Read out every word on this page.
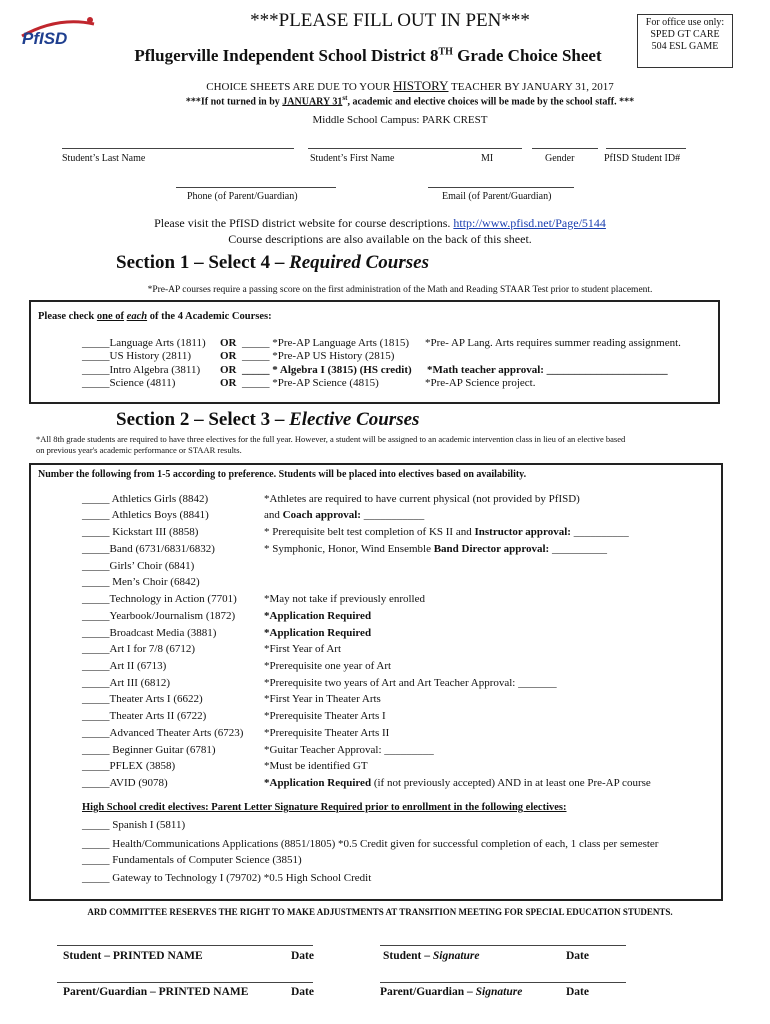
PfISD
***PLEASE FILL OUT IN PEN***
Pflugerville Independent School District 8TH Grade Choice Sheet
For office use only:
SPED GT CARE
504 ESL GAME
CHOICE SHEETS ARE DUE TO YOUR HISTORY TEACHER BY JANUARY 31, 2017
***If not turned in by JANUARY 31st, academic and elective choices will be made by the school staff. ***
Middle School Campus: PARK CREST
Student’s Last Name	Student’s First Name	MI	Gender	PfISD Student ID#
Phone (of Parent/Guardian)	Email (of Parent/Guardian)
Please visit the PfISD district website for course descriptions. http://www.pfisd.net/Page/5144
Course descriptions are also available on the back of this sheet.
Section 1 – Select 4 – Required Courses
*Pre-AP courses require a passing score on the first administration of the Math and Reading STAAR Test prior to student placement.
Please check one of each of the 4 Academic Courses:
_____Language Arts (1811) OR _____ *Pre-AP Language Arts (1815) *Pre- AP Lang. Arts requires summer reading assignment.
_____US History (2811)	OR _____ *Pre-AP US History (2815)
_____Intro Algebra (3811) OR _____ * Algebra I (3815) (HS credit) *Math teacher approval: ______________________
_____Science (4811)	OR _____ *Pre-AP Science (4815)	*Pre-AP Science project.
Section 2 – Select 3 – Elective Courses
*All 8th grade students are required to have three electives for the full year. However, a student will be assigned to an academic intervention class in lieu of an elective based
on previous year's academic performance or STAAR results.
Number the following from 1-5 according to preference. Students will be placed into electives based on availability.
_____ Athletics Girls (8842)	*Athletes are required to have current physical (not provided by PfISD)
_____ Athletics Boys (8841)	and Coach approval: ___________
_____ Kickstart III (8858)	* Prerequisite belt test completion of KS II and Instructor approval: __________
_____Band (6731/6831/6832)	* Symphonic, Honor, Wind Ensemble Band Director approval: __________
_____Girls’ Choir (6841)
_____ Men’s Choir (6842)
_____Technology in Action (7701) *May not take if previously enrolled
_____Yearbook/Journalism (1872)	*Application Required
_____Broadcast Media (3881)	*Application Required
_____Art I for 7/8 (6712)	*First Year of Art
_____Art II (6713)	*Prerequisite one year of Art
_____Art III (6812)	*Prerequisite two years of Art and Art Teacher Approval: _______
_____Theater Arts I (6622)	*First Year in Theater Arts
_____Theater Arts II (6722)	*Prerequisite Theater Arts I
_____Advanced Theater Arts (6723) *Prerequisite Theater Arts II
_____ Beginner Guitar (6781)	*Guitar Teacher Approval: _________
_____PFLEX (3858)	*Must be identified GT
_____AVID (9078)	*Application Required (if not previously accepted) AND in at least one Pre-AP course
High School credit electives: Parent Letter Signature Required prior to enrollment in the following electives:
_____ Spanish I (5811)
_____ Health/Communications Applications (8851/1805) *0.5 Credit given for successful completion of each, 1 class per semester
_____ Fundamentals of Computer Science (3851)
_____ Gateway to Technology I (79702) *0.5 High School Credit
ARD COMMITTEE RESERVES THE RIGHT TO MAKE ADJUSTMENTS AT TRANSITION MEETING FOR SPECIAL EDUCATION STUDENTS.
Student – PRINTED NAME	Date	Student – Signature	Date
Parent/Guardian – PRINTED NAME	Date	Parent/Guardian – Signature	Date
